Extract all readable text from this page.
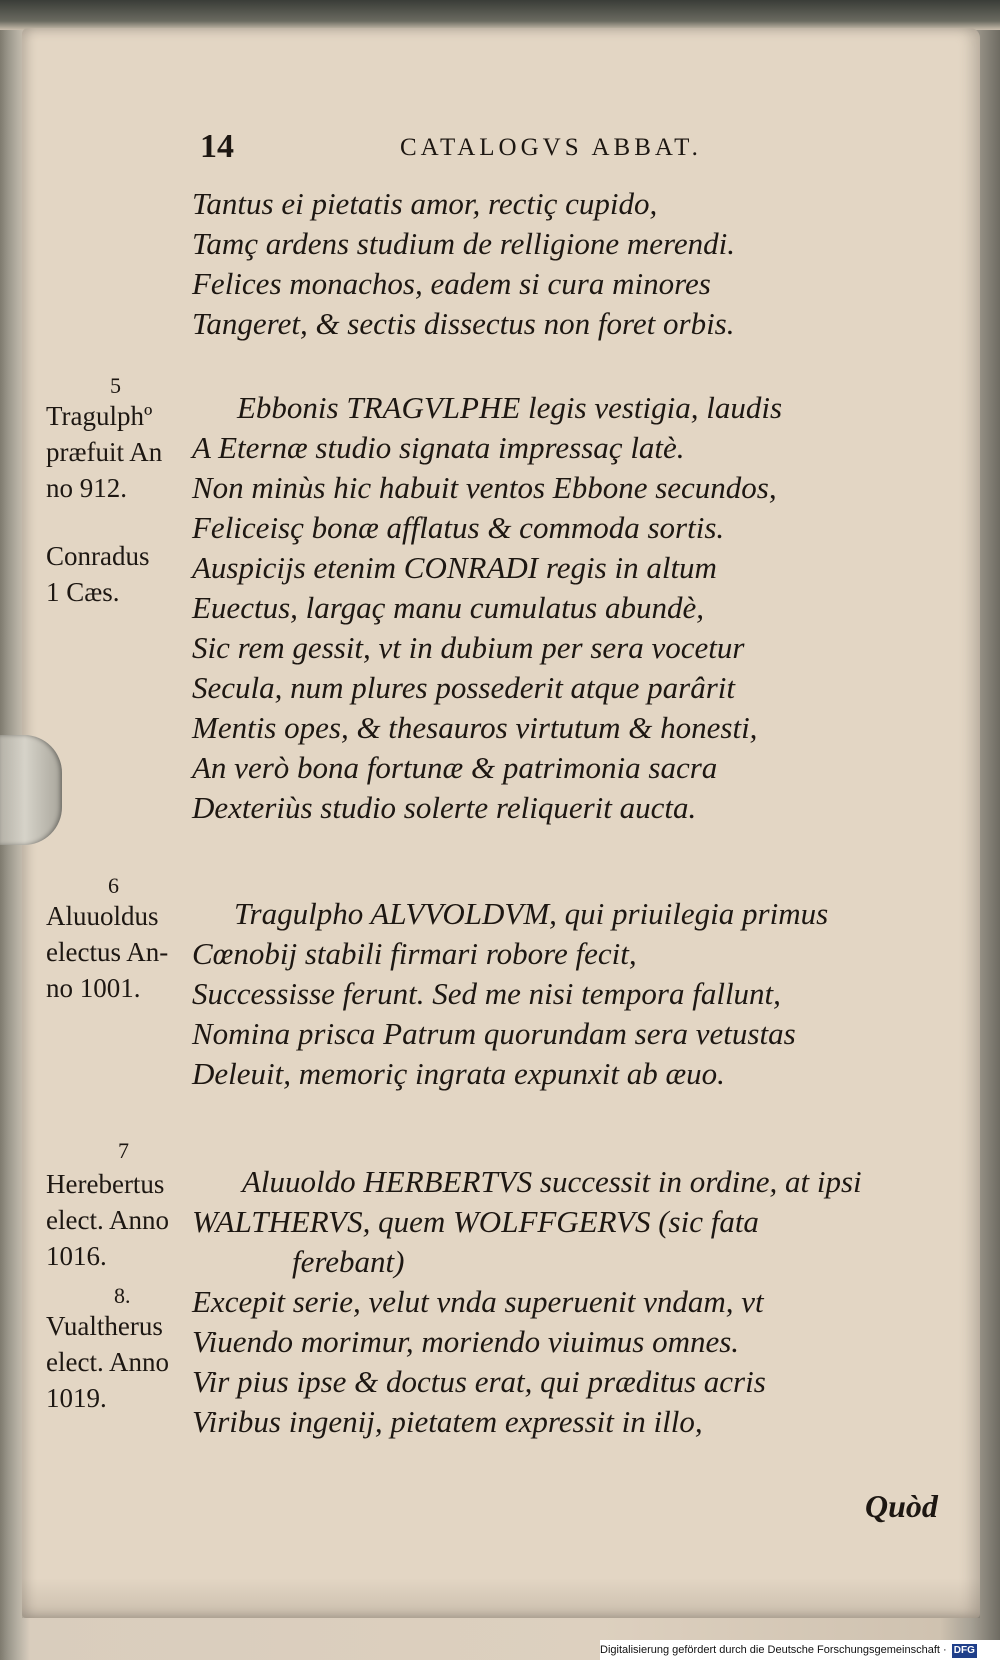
14	CATALOGVS ABBAT.
Tantus ei pietatis amor, rectiç cupido,
Tamç ardens studium de relligione merendi.
Felices monachos, eadem si cura minores
Tangeret, & sectis dissectus non foret orbis.
5
Tragulphº
præfuit An
no 912.
Conradus
1 Cæs.
Ebbonis TRAGVLPHE legis vestigia, laudis
A Eternæ studio signata impressaç latè.
Non minùs hic habuit ventos Ebbone secundos,
Feliceisç bonæ afflatus & commoda sortis.
Auspicijs etenim CONRADI regis in altum
Euectus, largaç manu cumulatus abundè,
Sic rem gessit, vt in dubium per sera vocetur
Secula, num plures possederit atque parârit
Mentis opes, & thesauros virtutum & honesti,
An verò bona fortunæ & patrimonia sacra
Dexteriùs studio solerte reliquerit aucta.
6
Aluuoldus
electus An-
no 1001.
Tragulpho ALVVOLDVM, qui priuilegia primus
Cœnobij stabili firmari robore fecit,
Successisse ferunt. Sed me nisi tempora fallunt,
Nomina prisca Patrum quorundam sera vetustas
Deleuit, memoriç ingrata expunxit ab æuo.
7
Herebertus
elect. Anno
1016.
Aluuoldo HERBERTVS successit in ordine, at ipsi
WALTHERVS, quem WOLFFGERVS (sic fata
ferebant)
8.
Vualtherus
elect. Anno
1019.
Excepit serie, velut vnda superuenit vndam, vt
Viuendo morimur, moriendo viuimus omnes.
Vir pius ipse & doctus erat, qui præditus acris
Viribus ingenij, pietatem expressit in illo,
Quòd
Digitalisierung gefördert durch die Deutsche Forschungsgemeinschaft · DFG
